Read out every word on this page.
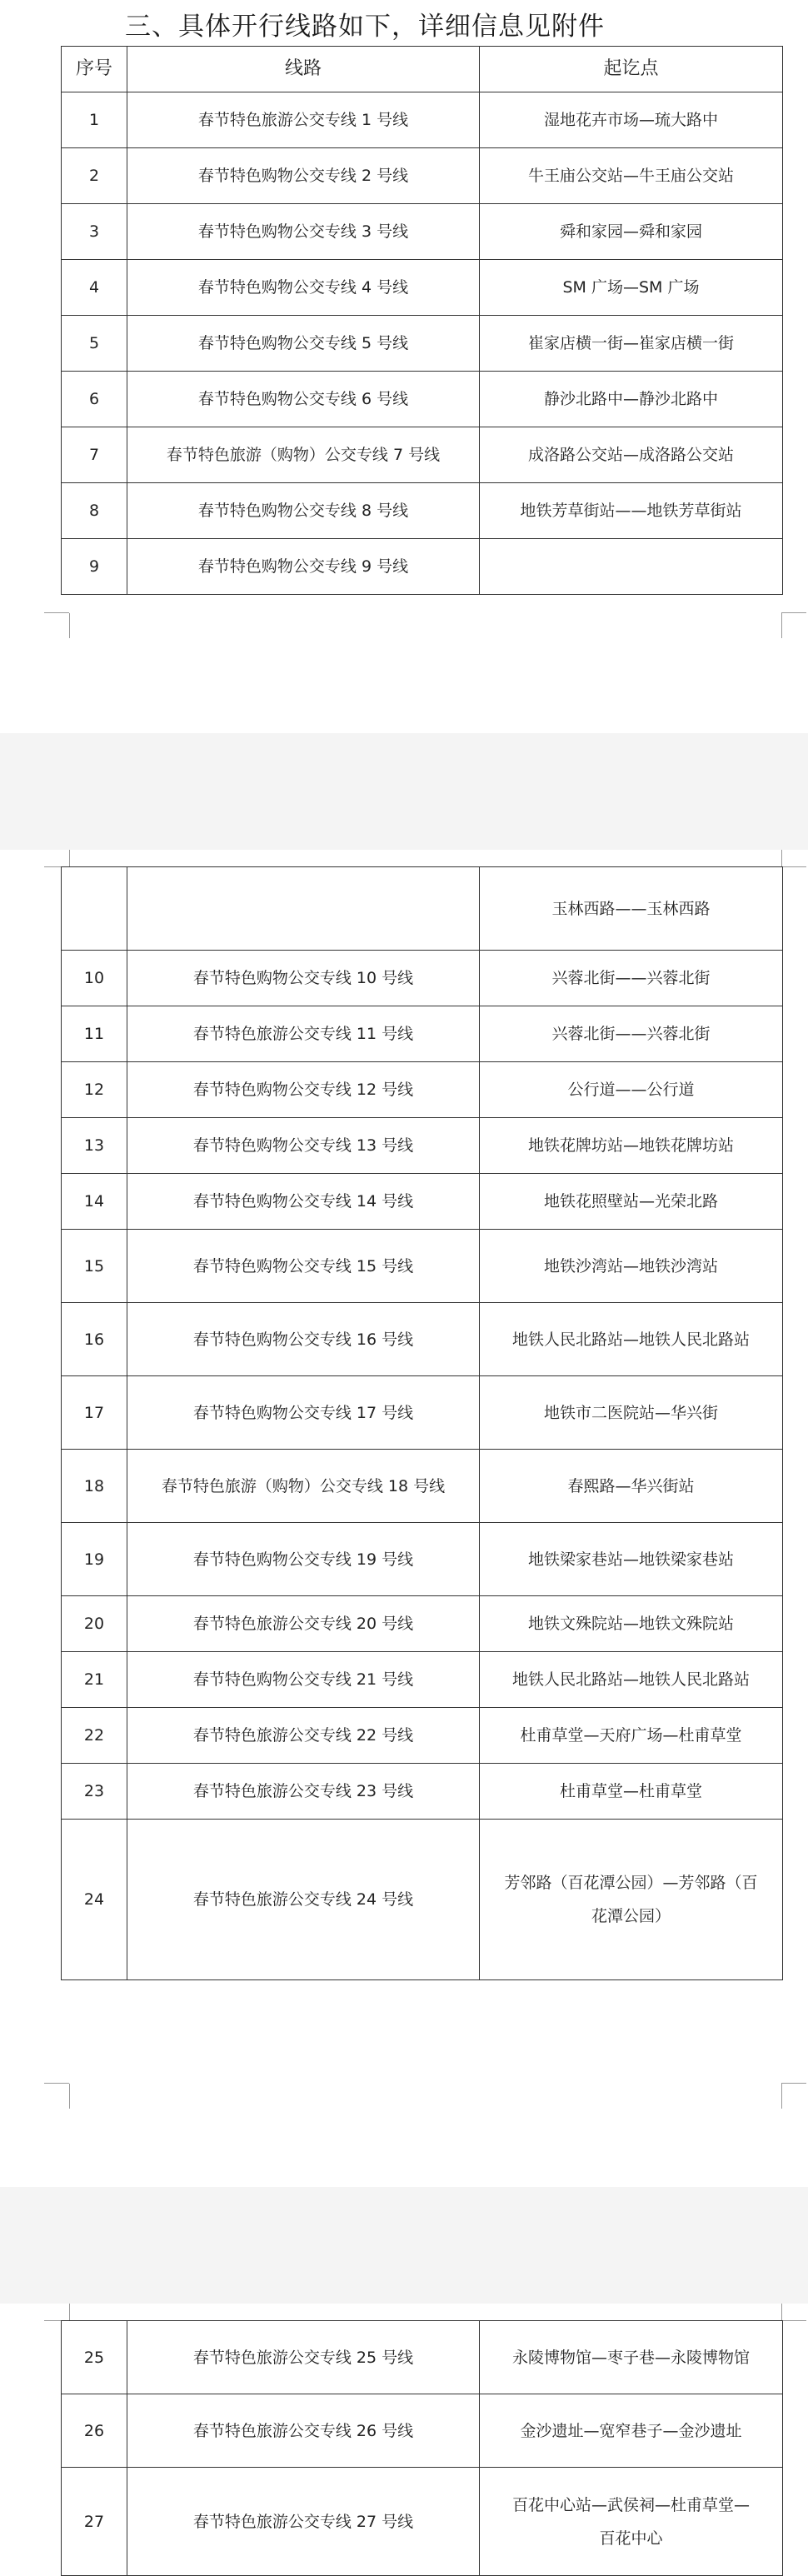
三、具体开行线路如下，详细信息见附件
序号	线路	起讫点
1	春节特色旅游公交专线 1 号线	湿地花卉市场—琉大路中
2	春节特色购物公交专线 2 号线	牛王庙公交站—牛王庙公交站
3	春节特色购物公交专线 3 号线	舜和家园—舜和家园
4	春节特色购物公交专线 4 号线	SM 广场—SM 广场
5	春节特色购物公交专线 5 号线	崔家店横一街—崔家店横一街
6	春节特色购物公交专线 6 号线	静沙北路中—静沙北路中
7	春节特色旅游（购物）公交专线 7 号线	成洛路公交站—成洛路公交站
8	春节特色购物公交专线 8 号线	地铁芳草街站——地铁芳草街站
9	春节特色购物公交专线 9 号线	
		玉林西路——玉林西路
10	春节特色购物公交专线 10 号线	兴蓉北街——兴蓉北街
11	春节特色旅游公交专线 11 号线	兴蓉北街——兴蓉北街
12	春节特色购物公交专线 12 号线	公行道——公行道
13	春节特色购物公交专线 13 号线	地铁花牌坊站—地铁花牌坊站
14	春节特色购物公交专线 14 号线	地铁花照壁站—光荣北路
15	春节特色购物公交专线 15 号线	地铁沙湾站—地铁沙湾站
16	春节特色购物公交专线 16 号线	地铁人民北路站—地铁人民北路站
17	春节特色购物公交专线 17 号线	地铁市二医院站—华兴街
18	春节特色旅游（购物）公交专线 18 号线	春熙路—华兴街站
19	春节特色购物公交专线 19 号线	地铁梁家巷站—地铁梁家巷站
20	春节特色旅游公交专线 20 号线	地铁文殊院站—地铁文殊院站
21	春节特色购物公交专线 21 号线	地铁人民北路站—地铁人民北路站
22	春节特色旅游公交专线 22 号线	杜甫草堂—天府广场—杜甫草堂
23	春节特色旅游公交专线 23 号线	杜甫草堂—杜甫草堂
24	春节特色旅游公交专线 24 号线	芳邻路（百花潭公园）—芳邻路（百
花潭公园）
25	春节特色旅游公交专线 25 号线	永陵博物馆—枣子巷—永陵博物馆
26	春节特色旅游公交专线 26 号线	金沙遗址—宽窄巷子—金沙遗址
27	春节特色旅游公交专线 27 号线	百花中心站—武侯祠—杜甫草堂—
百花中心
